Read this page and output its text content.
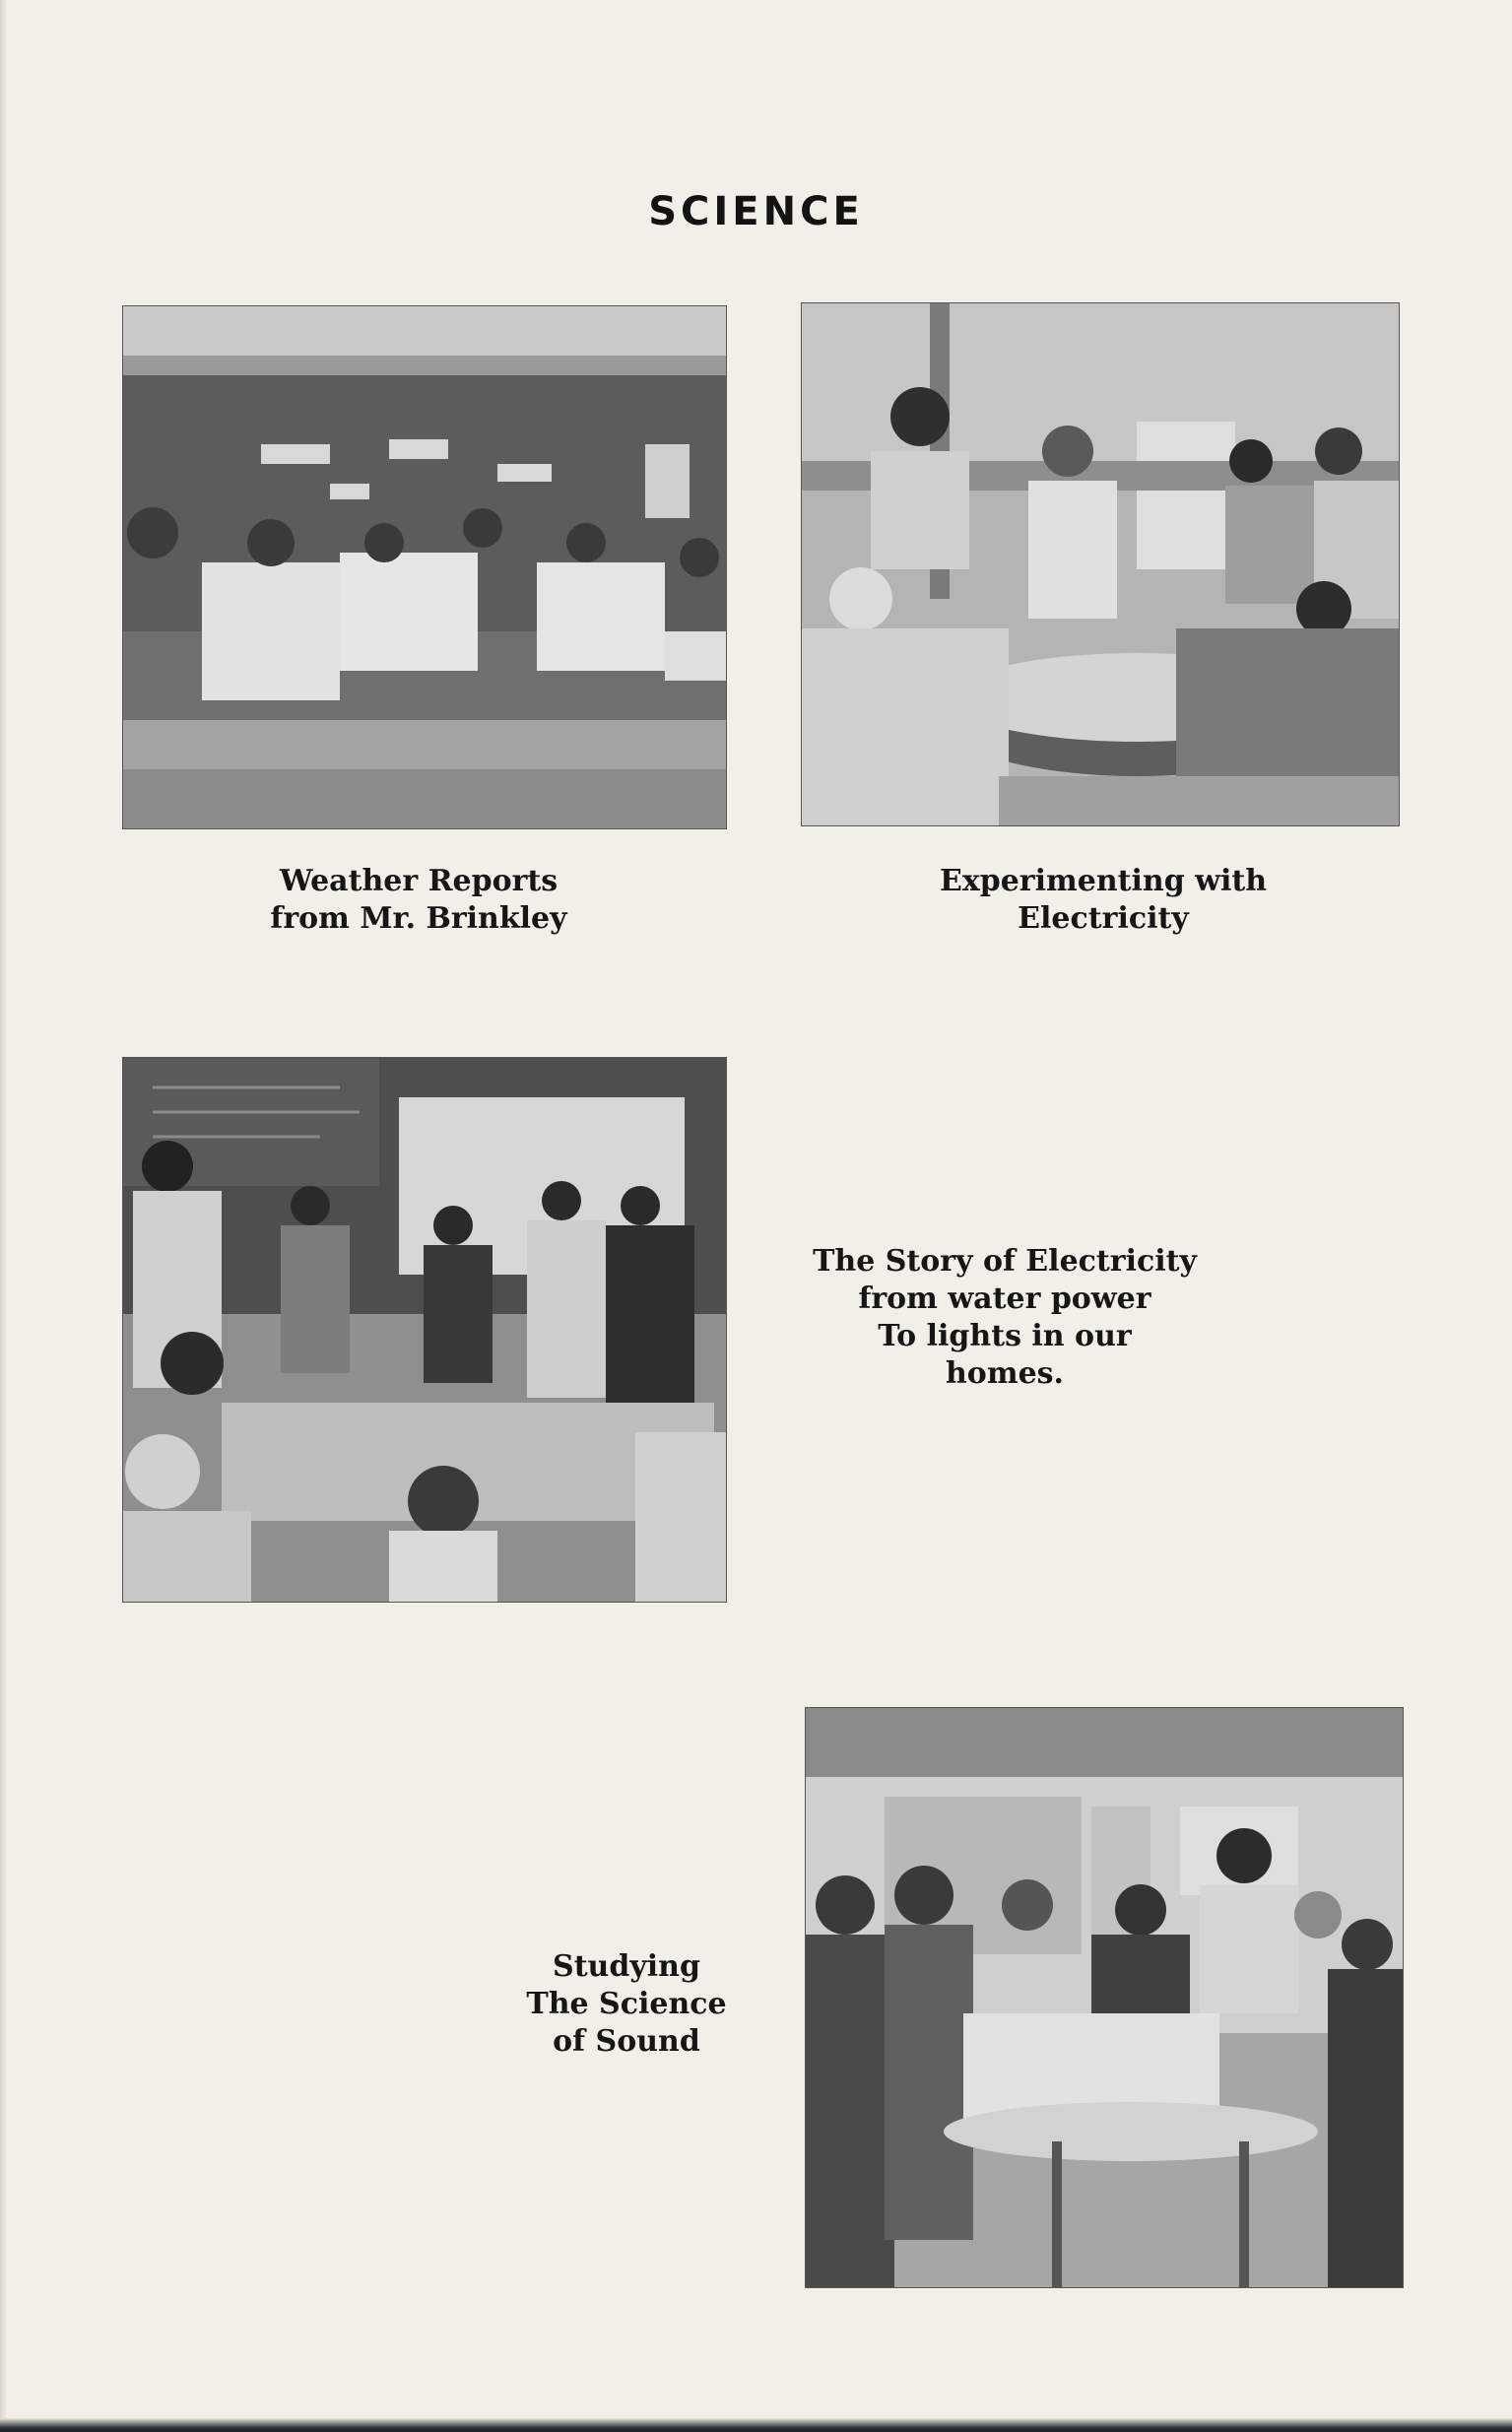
SCIENCE
Weather Reports
from Mr. Brinkley
Experimenting with
Electricity
The Story of Electricity
from water power
To lights in our
homes.
Studying
The Science
of Sound
